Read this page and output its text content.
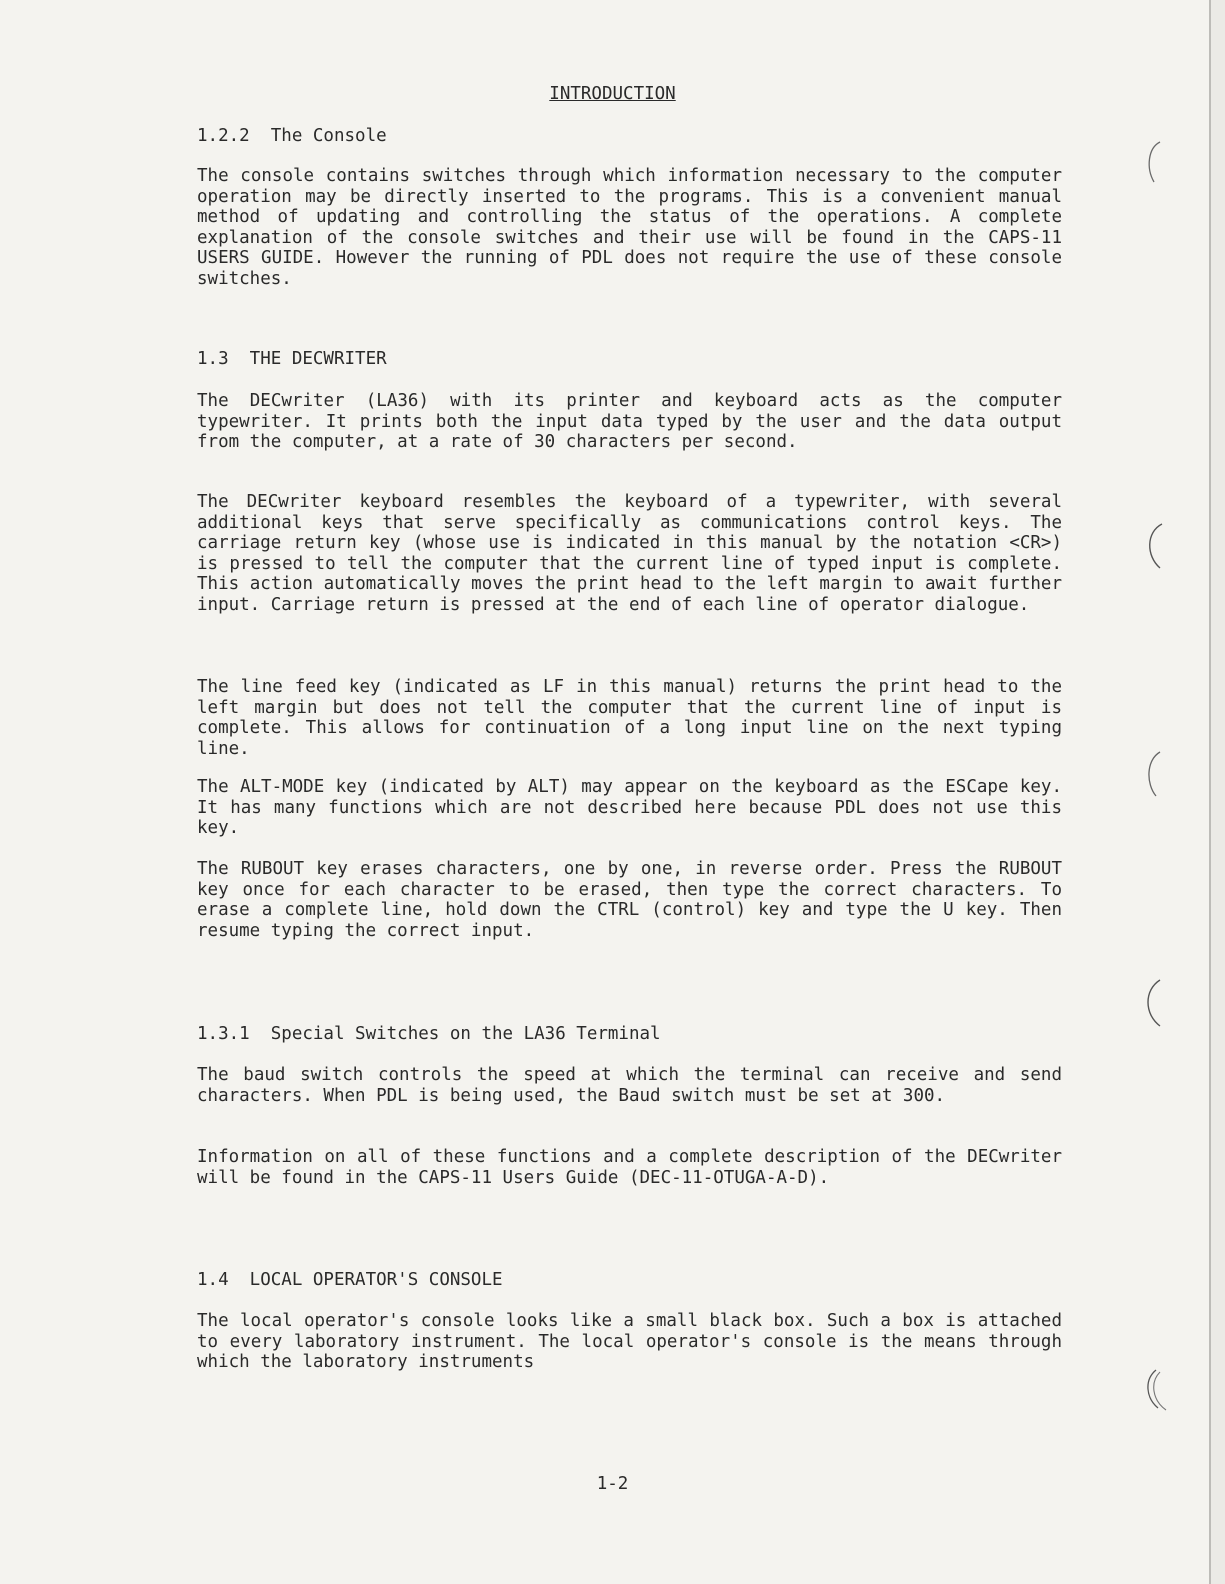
INTRODUCTION
1.2.2  The Console

The console contains switches through which information necessary to the computer operation may be directly inserted to the programs. This is a convenient manual method of updating and controlling the status of the operations. A complete explanation of the console switches and their use will be found in the CAPS-11 USERS GUIDE. However the running of PDL does not require the use of these console switches.

1.3  THE DECWRITER

The DECwriter (LA36) with its printer and keyboard acts as the computer typewriter. It prints both the input data typed by the user and the data output from the computer, at a rate of 30 characters per second.

The DECwriter keyboard resembles the keyboard of a typewriter, with several additional keys that serve specifically as communications control keys. The carriage return key (whose use is indicated in this manual by the notation <CR>) is pressed to tell the computer that the current line of typed input is complete. This action automatically moves the print head to the left margin to await further input. Carriage return is pressed at the end of each line of operator dialogue.

The line feed key (indicated as LF in this manual) returns the print head to the left margin but does not tell the computer that the current line of input is complete. This allows for continuation of a long input line on the next typing line.

The ALT-MODE key (indicated by ALT) may appear on the keyboard as the ESCape key. It has many functions which are not described here because PDL does not use this key.

The RUBOUT key erases characters, one by one, in reverse order. Press the RUBOUT key once for each character to be erased, then type the correct characters. To erase a complete line, hold down the CTRL (control) key and type the U key. Then resume typing the correct input.

1.3.1  Special Switches on the LA36 Terminal

The baud switch controls the speed at which the terminal can receive and send characters. When PDL is being used, the Baud switch must be set at 300.

Information on all of these functions and a complete description of the DECwriter will be found in the CAPS-11 Users Guide (DEC-11-OTUGA-A-D).

1.4  LOCAL OPERATOR'S CONSOLE

The local operator's console looks like a small black box. Such a box is attached to every laboratory instrument. The local operator's console is the means through which the laboratory instruments

1-2
